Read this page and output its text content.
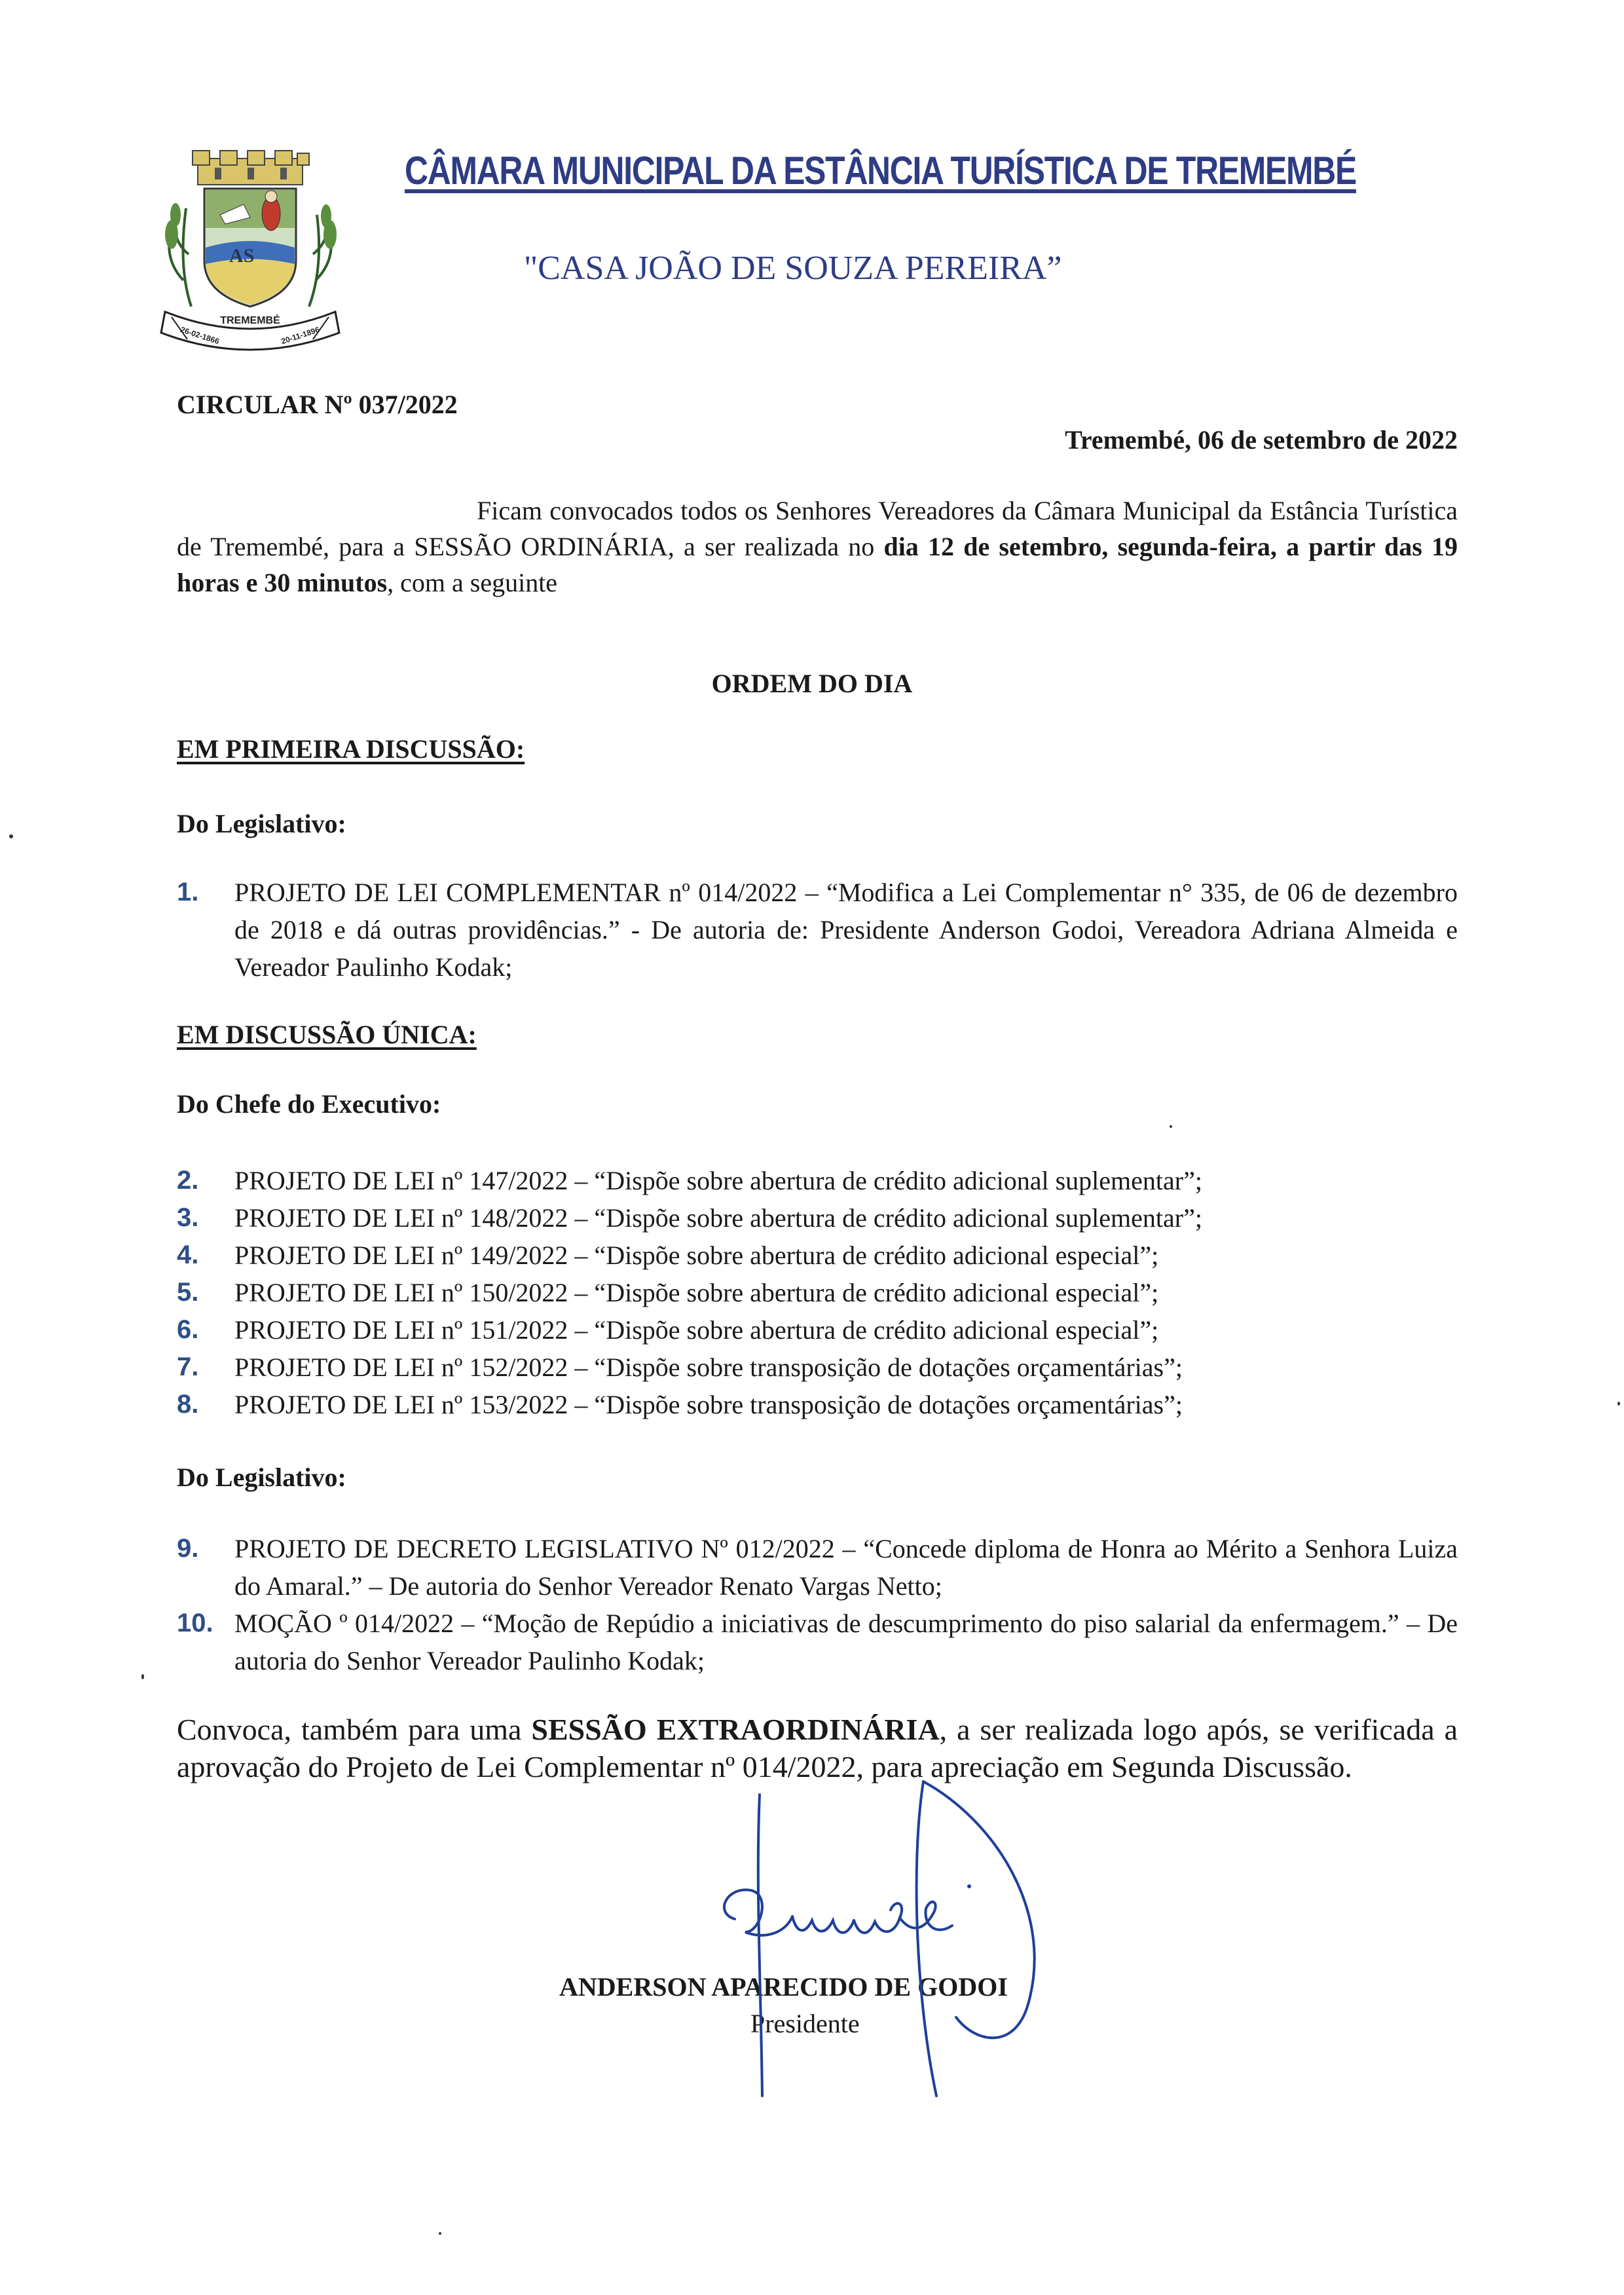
AS
TREMEMBÉ
26-02-1866	20-11-1896
CÂMARA MUNICIPAL DA ESTÂNCIA TURÍSTICA DE TREMEMBÉ
"CASA JOÃO DE SOUZA PEREIRA”
CIRCULAR Nº 037/2022
Tremembé, 06 de setembro de 2022
Ficam convocados todos os Senhores Vereadores da Câmara Municipal da Estância Turística de Tremembé, para a SESSÃO ORDINÁRIA, a ser realizada no dia 12 de setembro, segunda-feira, a partir das 19 horas e 30 minutos, com a seguinte
ORDEM DO DIA
EM PRIMEIRA DISCUSSÃO:
Do Legislativo:
1. PROJETO DE LEI COMPLEMENTAR nº 014/2022 – “Modifica a Lei Complementar n° 335, de 06 de dezembro de 2018 e dá outras providências.” - De autoria de: Presidente Anderson Godoi, Vereadora Adriana Almeida e Vereador Paulinho Kodak;
EM DISCUSSÃO ÚNICA:
Do Chefe do Executivo:
2. PROJETO DE LEI nº 147/2022 – “Dispõe sobre abertura de crédito adicional suplementar”;
3. PROJETO DE LEI nº 148/2022 – “Dispõe sobre abertura de crédito adicional suplementar”;
4. PROJETO DE LEI nº 149/2022 – “Dispõe sobre abertura de crédito adicional especial”;
5. PROJETO DE LEI nº 150/2022 – “Dispõe sobre abertura de crédito adicional especial”;
6. PROJETO DE LEI nº 151/2022 – “Dispõe sobre abertura de crédito adicional especial”;
7. PROJETO DE LEI nº 152/2022 – “Dispõe sobre transposição de dotações orçamentárias”;
8. PROJETO DE LEI nº 153/2022 – “Dispõe sobre transposição de dotações orçamentárias”;
Do Legislativo:
9. PROJETO DE DECRETO LEGISLATIVO Nº 012/2022 – “Concede diploma de Honra ao Mérito a Senhora Luiza do Amaral.” – De autoria do Senhor Vereador Renato Vargas Netto;
10. MOÇÃO º 014/2022 – “Moção de Repúdio a iniciativas de descumprimento do piso salarial da enfermagem.” – De autoria do Senhor Vereador Paulinho Kodak;
Convoca, também para uma SESSÃO EXTRAORDINÁRIA, a ser realizada logo após, se verificada a aprovação do Projeto de Lei Complementar nº 014/2022, para apreciação em Segunda Discussão.
ANDERSON APARECIDO DE GODOI
Presidente
